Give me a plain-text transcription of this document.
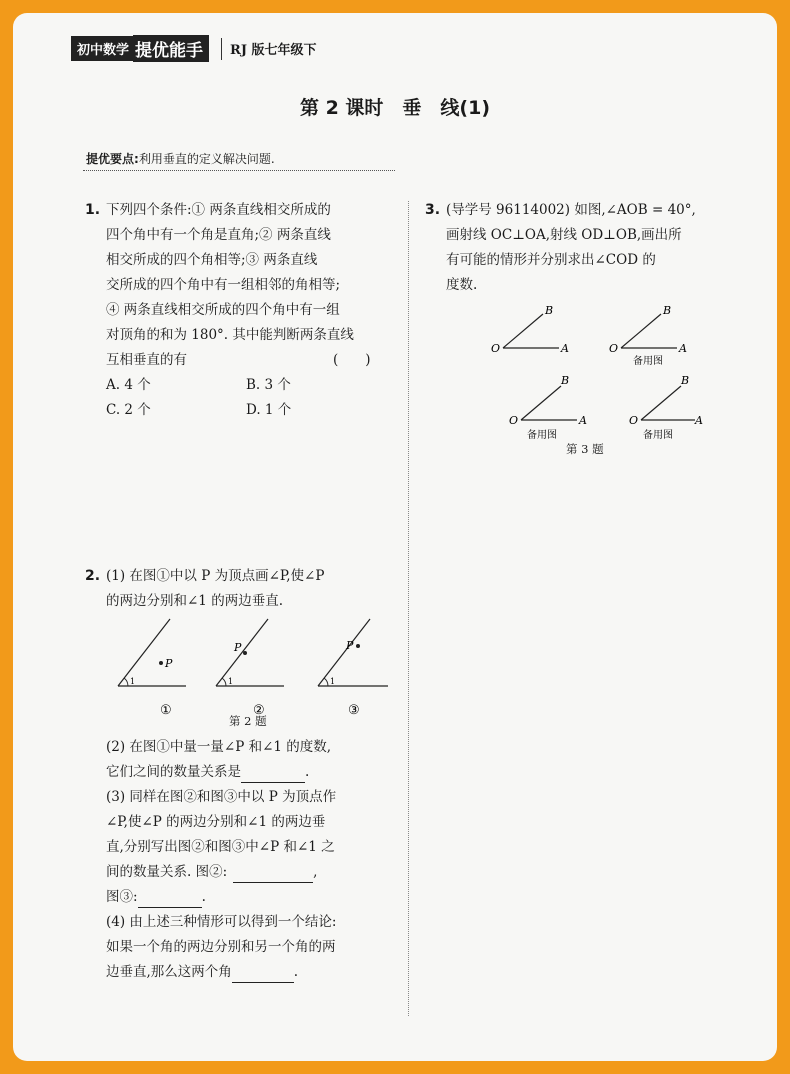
初中数学 提优能手	RJ 版七年级下
第 2 课时　垂　线(1)
提优要点:利用垂直的定义解决问题.
1. 下列四个条件:① 两条直线相交所成的
四个角中有一个角是直角;② 两条直线
相交所成的四个角相等;③ 两条直线
交所成的四个角中有一组相邻的角相等;
④ 两条直线相交所成的四个角中有一组
对顶角的和为 180°. 其中能判断两条直线
互相垂直的有	(　　)
A. 4 个	B. 3 个
C. 2 个	D. 1 个
2. (1) 在图①中以 P 为顶点画∠P,使∠P
的两边分别和∠1 的两边垂直.
1
P
①
1
P
②
1
P
③
第 2 题
(2) 在图①中量一量∠P 和∠1 的度数,
它们之间的数量关系是	.
(3) 同样在图②和图③中以 P 为顶点作
∠P,使∠P 的两边分别和∠1 的两边垂
直,分别写出图②和图③中∠P 和∠1 之
间的数量关系. 图②:	,
图③:	.
(4) 由上述三种情形可以得到一个结论:
如果一个角的两边分别和另一个角的两
边垂直,那么这两个角	.
3. (导学号 96114002) 如图,∠AOB = 40°,
画射线 OC⊥OA,射线 OD⊥OB,画出所
有可能的情形并分别求出∠COD 的
度数.
O	A
B
O	A
B
备用图
O	A
B
备用图
O	A
B
备用图
第 3 题
